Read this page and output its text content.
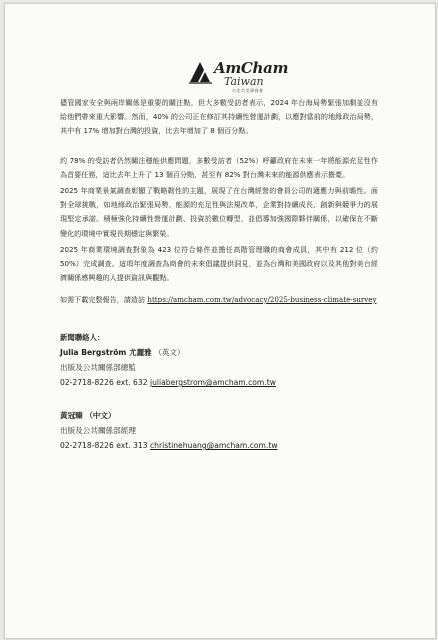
AmCham
Taiwan
台北市美國商會
儘管國家安全與兩岸關係是重要的關注點，但大多數受訪者表示，2024 年台海局勢緊張加劇並沒有給他們帶來重大影響。然而，40% 的公司正在修訂其持續性營運計劃，以應對當前的地緣政治局勢，其中有 17% 增加對台灣的投資，比去年增加了 8 個百分點。
約 78% 的受訪者仍然關注穩能供應問題，多數受訪者（52%）呼籲政府在未來一年將能源充足性作為首要任務，這比去年上升了 13 個百分點，甚至有 82% 對台灣未來的能源供應表示擔憂。
2025 年商業景氣調查彰顯了戰略韌性的主題，展現了在台灣經營的會員公司的適應力與前瞻性。面對全球挑戰，如地緣政治緊張局勢、能源的充足性與法規改革，企業對持續成長、創新與競爭力的展現堅定承諾。積極強化持續性營運計劃、投資於數位轉型，並倡導加強國際夥伴關係，以確保在不斷變化的環境中實現長期穩定與繁榮。
2025 年商業環境調查對象為 423 位符合條件並擔任高階管理職的商會成員，其中有 212 位（約 50%）完成調查。這項年度調查為商會的未來倡議提供洞見，並為台灣和美國政府以及其他對美台經濟關係感興趣的人提供資訊與觀點。
如需下載完整報告，請造訪 https://amcham.com.tw/advocacy/2025-business-climate-survey
新聞聯絡人：
Julia Bergström 尤麗雅 （英文）
出版及公共關係部總監
02-2718-8226 ext. 632 juliabergstrom@amcham.com.tw
黃冠臻 （中文）
出版及公共關係部經理
02-2718-8226 ext. 313 christinehuang@amcham.com.tw
